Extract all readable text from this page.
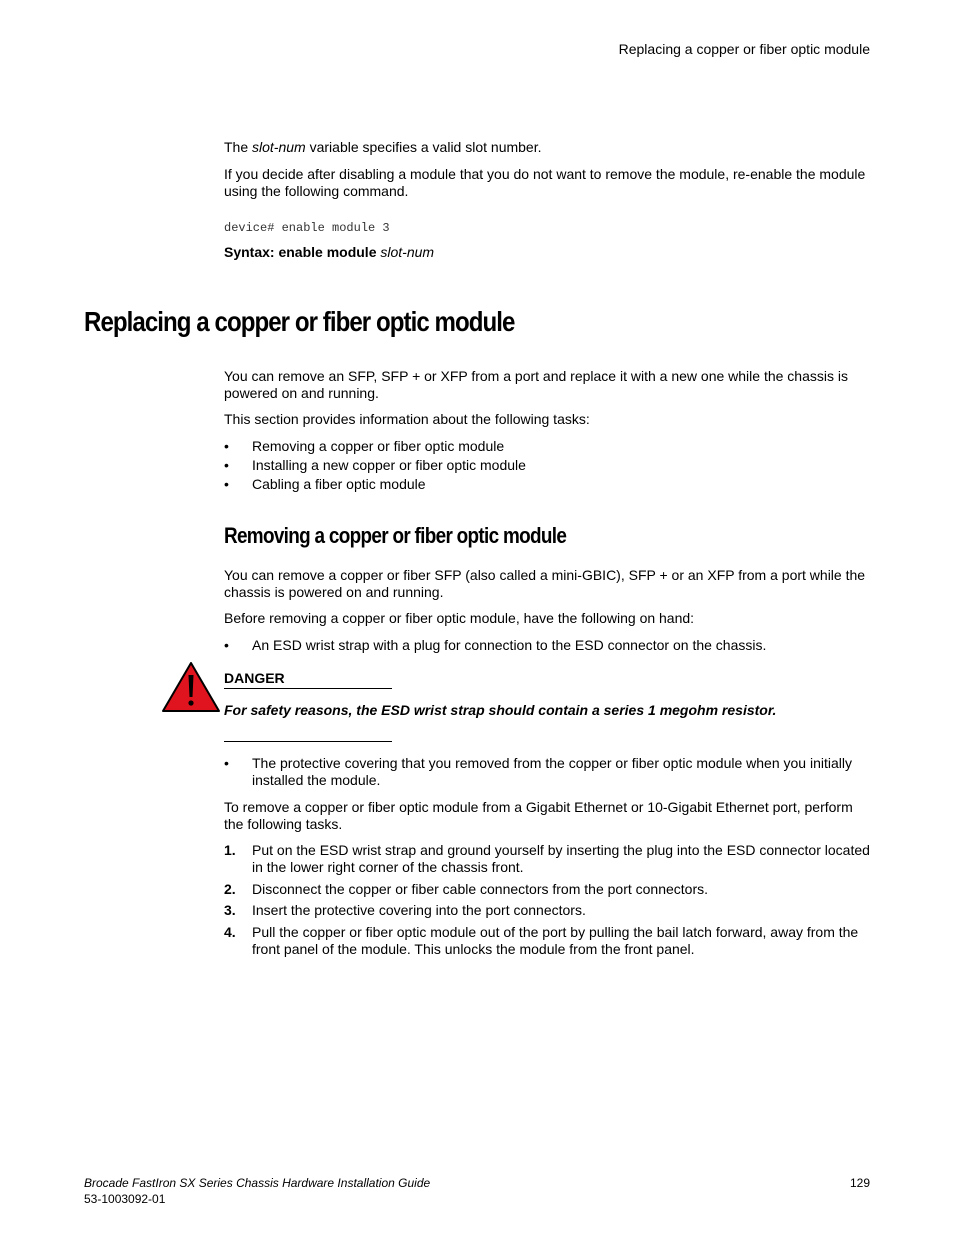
Replacing a copper or fiber optic module

The slot-num variable specifies a valid slot number.

If you decide after disabling a module that you do not want to remove the module, re-enable the module using the following command.

device# enable module 3

Syntax: enable module slot-num

Replacing a copper or fiber optic module

You can remove an SFP, SFP + or XFP from a port and replace it with a new one while the chassis is powered on and running.

This section provides information about the following tasks:

• Removing a copper or fiber optic module
• Installing a new copper or fiber optic module
• Cabling a fiber optic module
Removing a copper or fiber optic module

You can remove a copper or fiber SFP (also called a mini-GBIC), SFP + or an XFP from a port while the chassis is powered on and running.

Before removing a copper or fiber optic module, have the following on hand:

• An ESD wrist strap with a plug for connection to the ESD connector on the chassis.
DANGER
For safety reasons, the ESD wrist strap should contain a series 1 megohm resistor.
• The protective covering that you removed from the copper or fiber optic module when you initially installed the module.

To remove a copper or fiber optic module from a Gigabit Ethernet or 10-Gigabit Ethernet port, perform the following tasks.

1. Put on the ESD wrist strap and ground yourself by inserting the plug into the ESD connector located in the lower right corner of the chassis front.
2. Disconnect the copper or fiber cable connectors from the port connectors.
3. Insert the protective covering into the port connectors.
4. Pull the copper or fiber optic module out of the port by pulling the bail latch forward, away from the front panel of the module. This unlocks the module from the front panel.
Brocade FastIron SX Series Chassis Hardware Installation Guide
53-1003092-01
129
